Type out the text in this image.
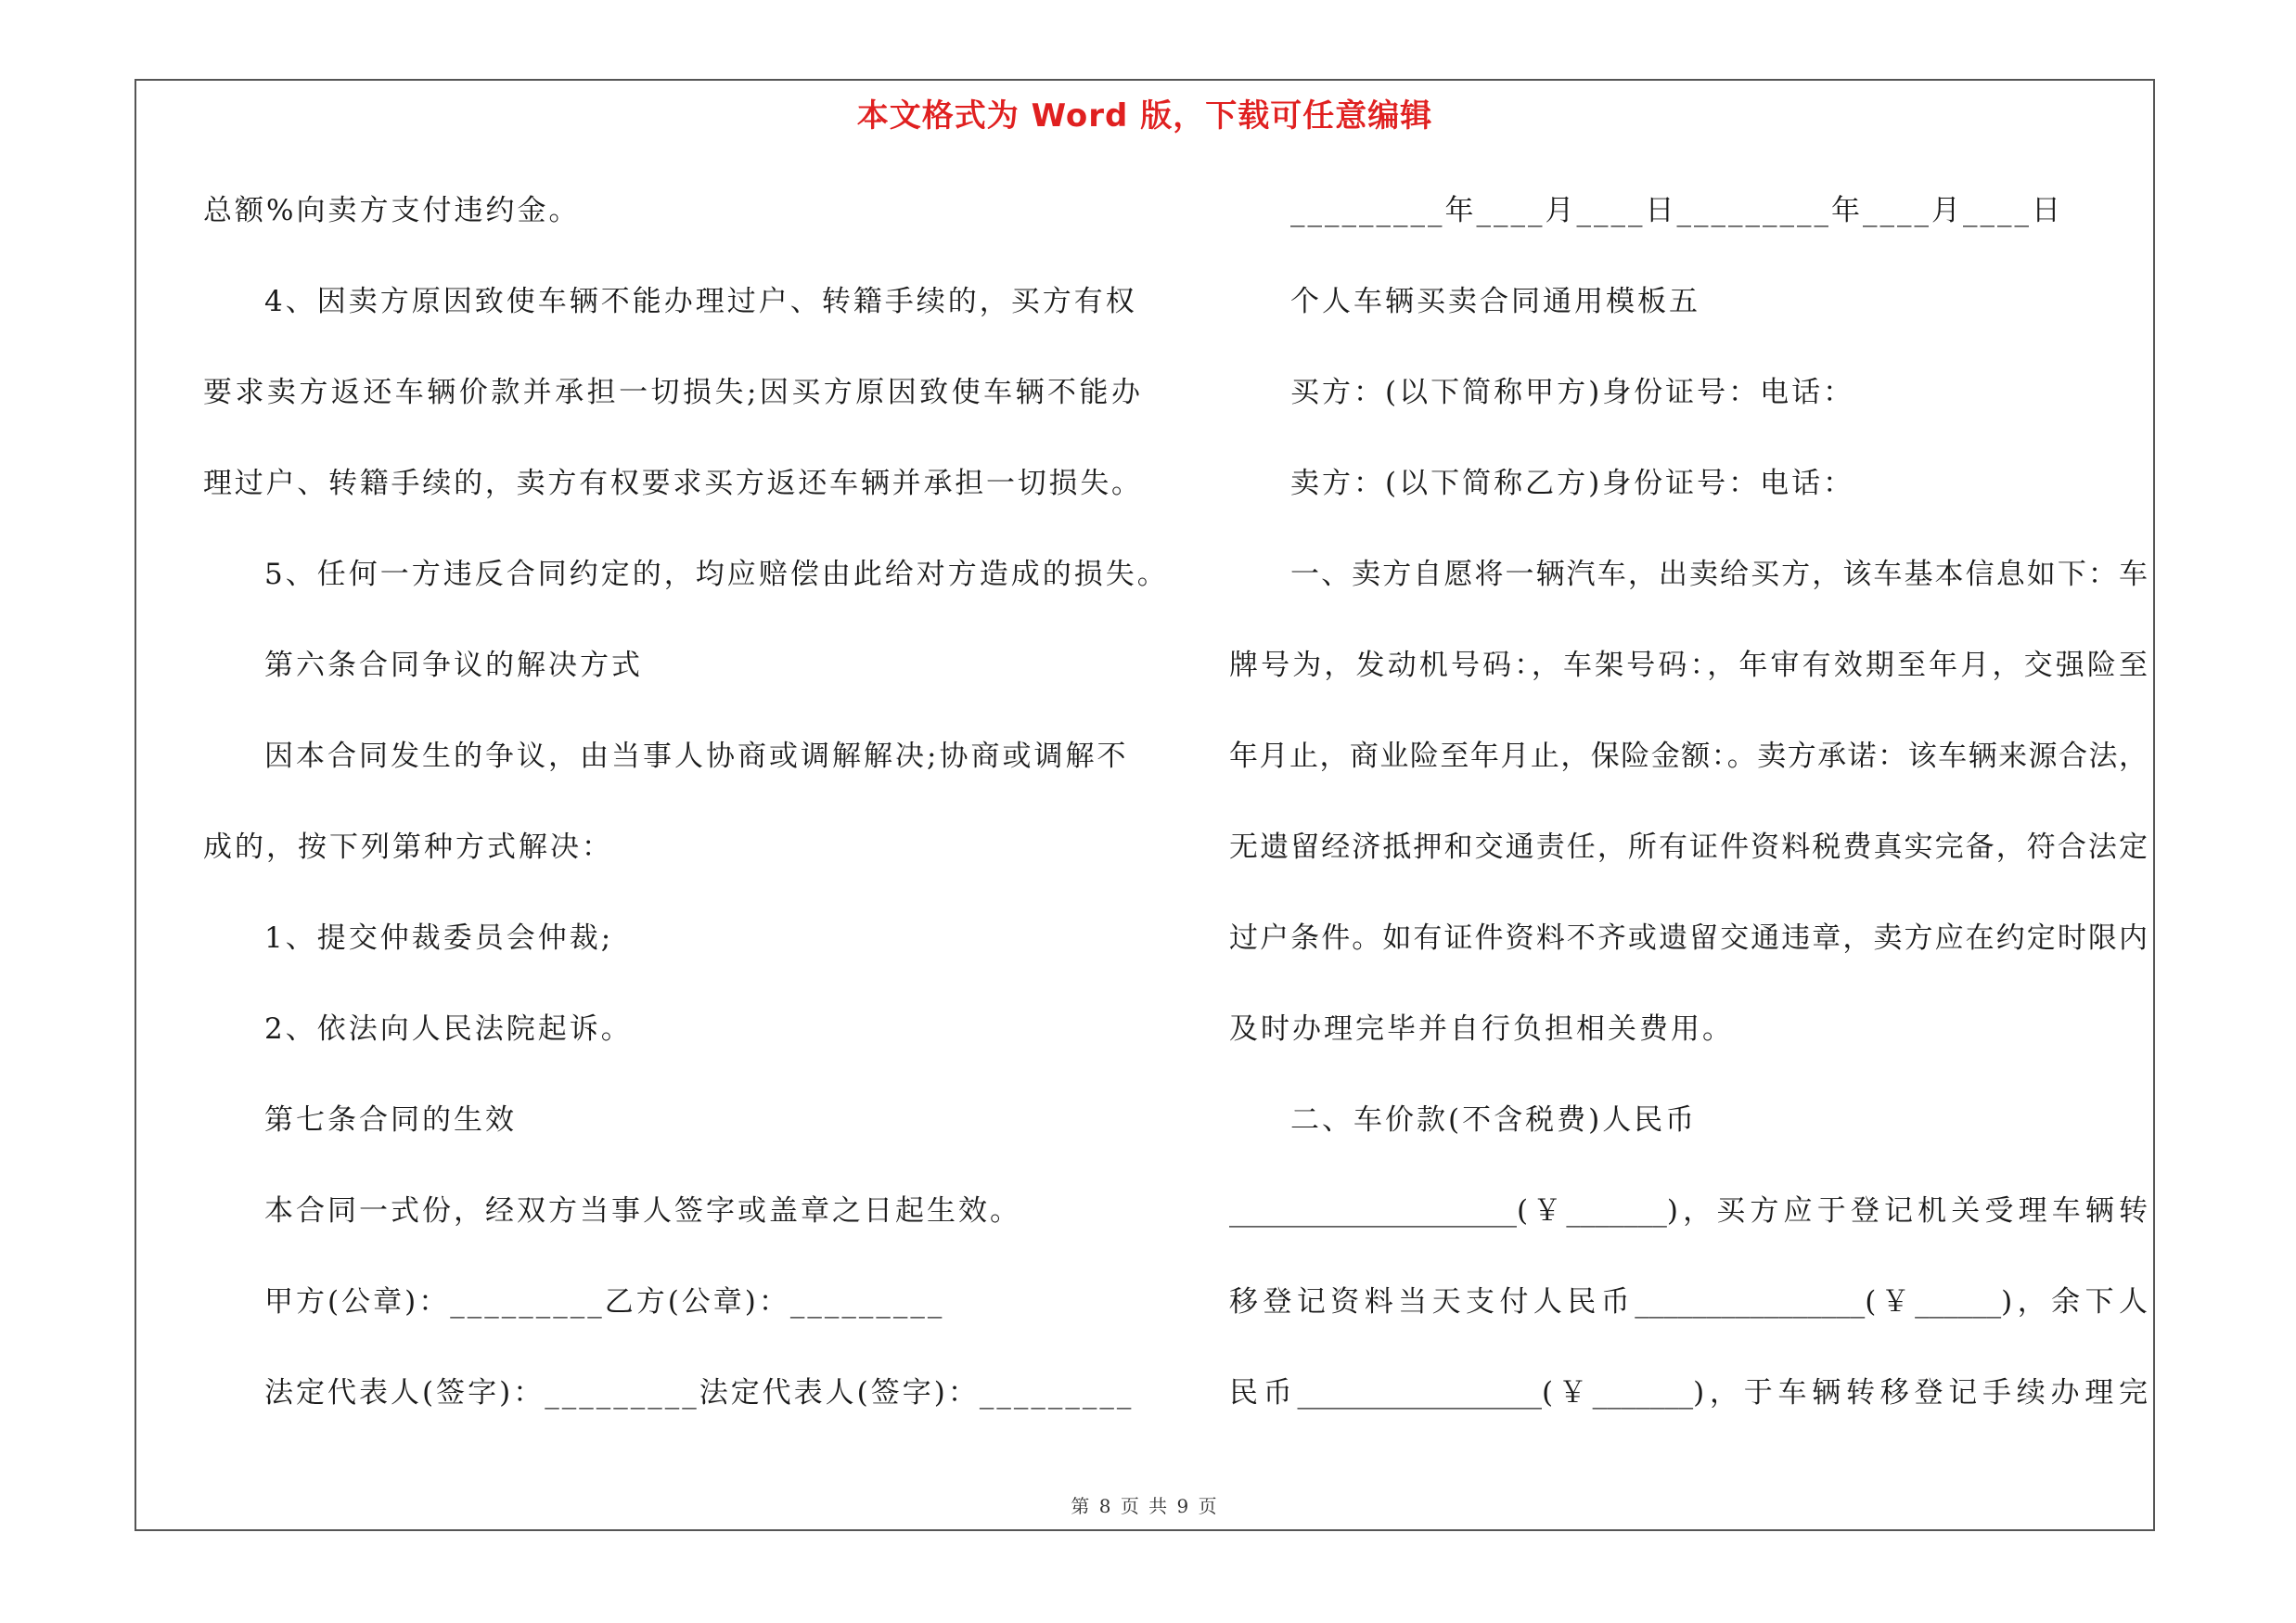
本文格式为 Word 版，下载可任意编辑
总额%向卖方支付违约金。
4、因卖方原因致使车辆不能办理过户、转籍手续的，买方有权
要求卖方返还车辆价款并承担一切损失;因买方原因致使车辆不能办
理过户、转籍手续的，卖方有权要求买方返还车辆并承担一切损失。
5、任何一方违反合同约定的，均应赔偿由此给对方造成的损失。
第六条合同争议的解决方式
因本合同发生的争议，由当事人协商或调解解决;协商或调解不
成的，按下列第种方式解决：
1、提交仲裁委员会仲裁;
2、依法向人民法院起诉。
第七条合同的生效
本合同一式份，经双方当事人签字或盖章之日起生效。
甲方(公章)：_________乙方(公章)：_________
法定代表人(签字)：_________法定代表人(签字)：_________
_________年____月____日_________年____月____日
个人车辆买卖合同通用模板五
买方：(以下简称甲方)身份证号：电话：
卖方：(以下简称乙方)身份证号：电话：
一、卖方自愿将一辆汽车，出卖给买方，该车基本信息如下：车
牌号为，发动机号码：，车架号码：，年审有效期至年月，交强险至
年月止，商业险至年月止，保险金额：。卖方承诺：该车辆来源合法，
无遗留经济抵押和交通责任，所有证件资料税费真实完备，符合法定
过户条件。如有证件资料不齐或遗留交通违章，卖方应在约定时限内
及时办理完毕并自行负担相关费用。
二、车价款(不含税费)人民币
____________________(￥_______)，买方应于登记机关受理车辆转
移登记资料当天支付人民币________________(￥______)，余下人
民币_________________(￥_______)，于车辆转移登记手续办理完
第 8 页 共 9 页
